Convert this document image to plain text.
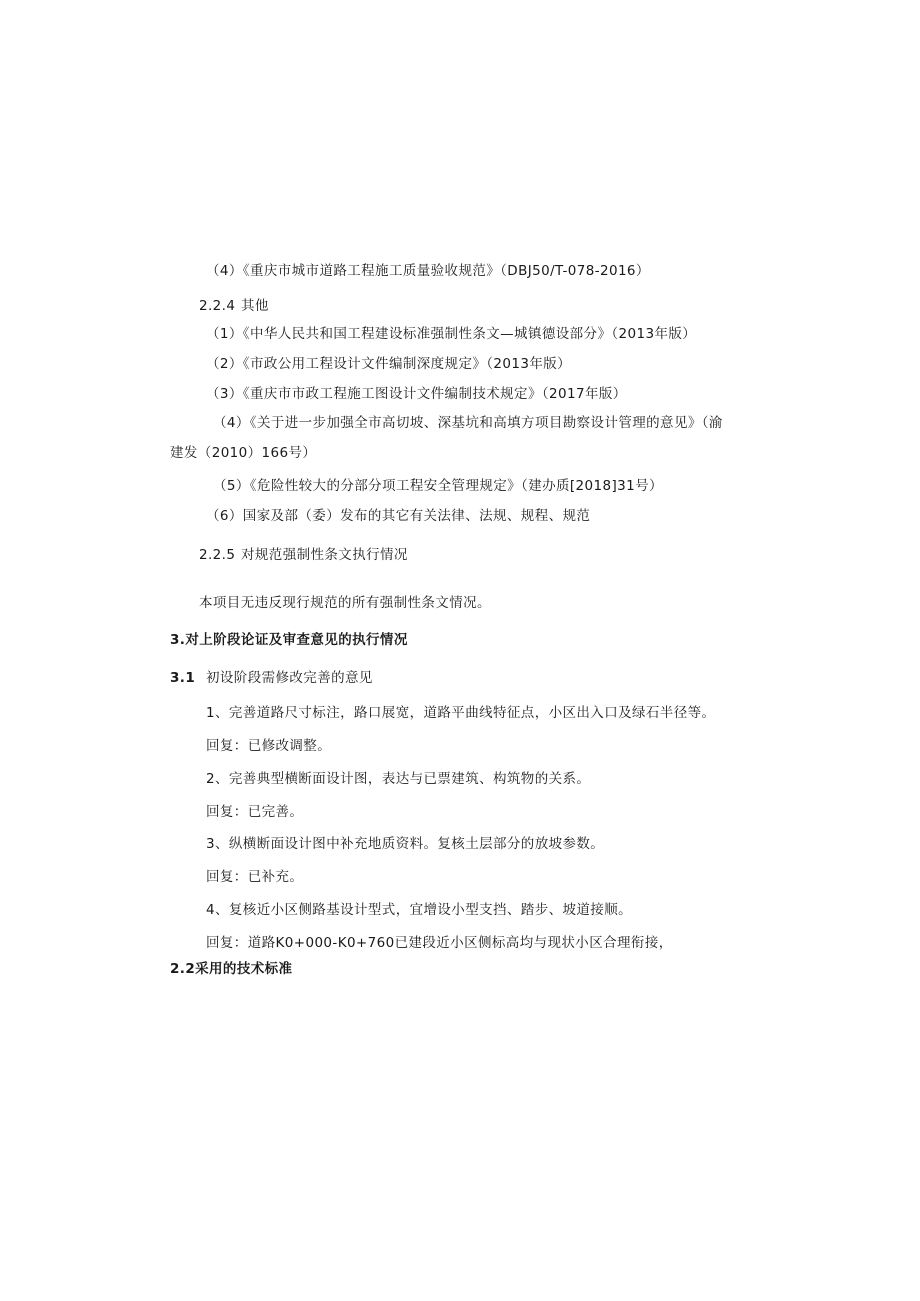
（4）《重庆市城市道路工程施工质量验收规范》（DBJ50/T-078-2016）
2.2.4 其他
（1）《中华人民共和国工程建设标准强制性条文—城镇德设部分》（2013年版）
（2）《市政公用工程设计文件编制深度规定》（2013年版）
（3）《重庆市市政工程施工图设计文件编制技术规定》（2017年版）
（4）《关于进一步加强全市高切坡、深基坑和高填方项目勘察设计管理的意见》（渝
建发（2010）166号）
（5）《危险性较大的分部分项工程安全管理规定》（建办质[2018]31号）
（6）国家及部（委）发布的其它有关法律、法规、规程、规范
2.2.5 对规范强制性条文执行情况
本项目无违反现行规范的所有强制性条文情况。
3.对上阶段论证及审查意见的执行情况
3.1 初设阶段需修改完善的意见
1、完善道路尺寸标注，路口展宽，道路平曲线特征点，小区出入口及绿石半径等。
回复：已修改调整。
2、完善典型横断面设计图，表达与已票建筑、构筑物的关系。
回复：已完善。
3、纵横断面设计图中补充地质资料。复核土层部分的放坡参数。
回复：已补充。
4、复核近小区侧路基设计型式，宜增设小型支挡、踏步、坡道接顺。
回复：道路K0+000-K0+760已建段近小区侧标高均与现状小区合理衔接，
2.2采用的技术标准
